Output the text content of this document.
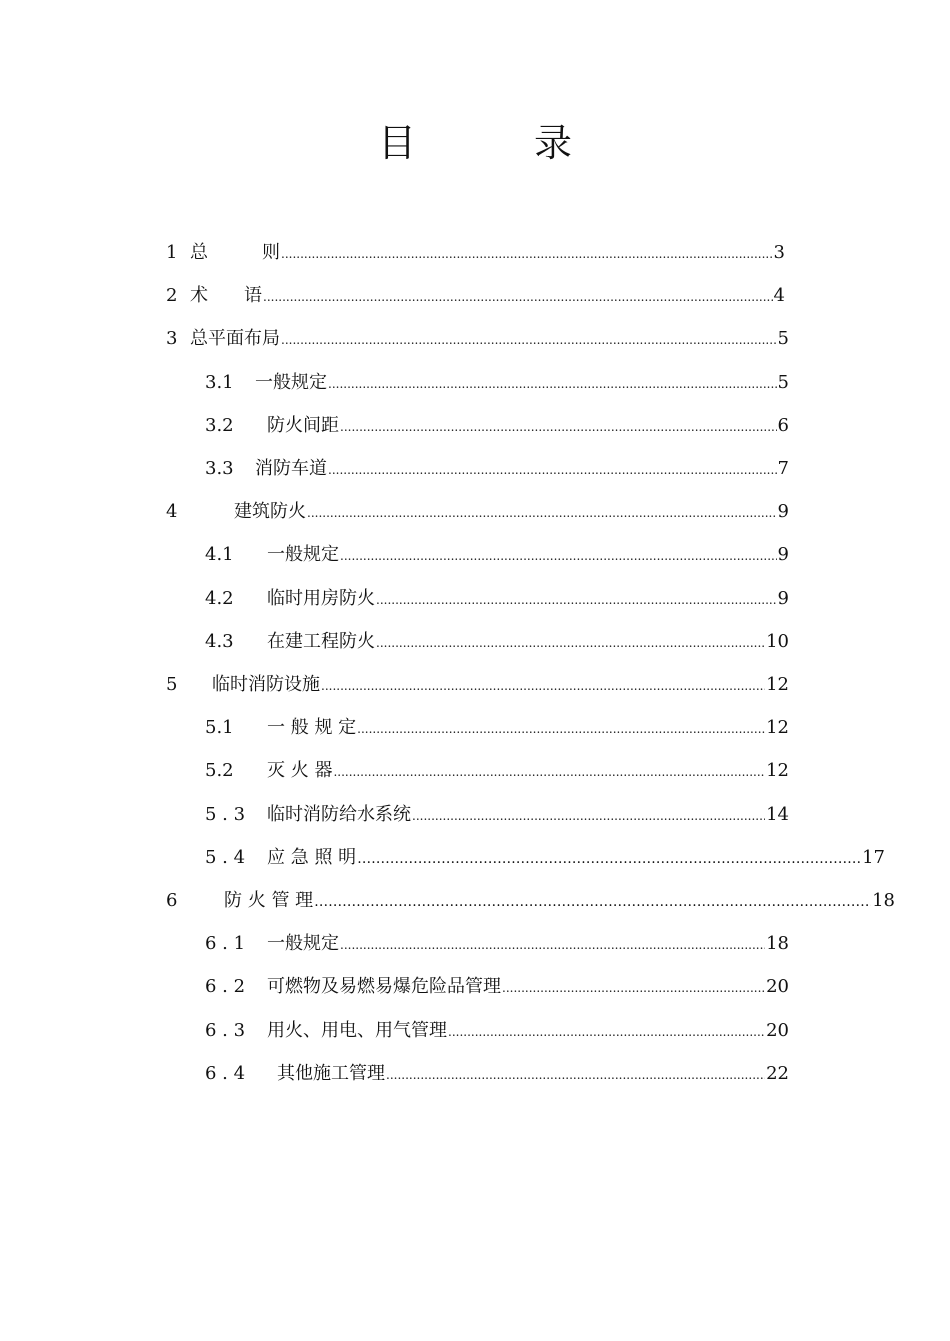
目　录
1 总　　　则 .....	3
2 术　　语 .....	4
3 总平面布局 .....	5
3.1	一般规定 .....	5
3.2	防火间距 .....	6
3.3	消防车道 .....	7
4	建筑防火 .....	9
4.1	一般规定 .....	9
4.2	临时用房防火 .....	9
4.3	在建工程防火 .....	10
5	临时消防设施 .....	12
5.1	一 般 规 定 .....	12
5.2	灭 火 器 .....	12
5 . 3	临时消防给水系统 .....	14
5 . 4	应 急 照 明 …………………………………………………………………………………………………………………………………………………………………………………………………	17
6	防 火 管 理 …………………………………………………………………………………………………………………………………………………………………………………………………	18
6 . 1	一般规定 .....	18
6 . 2	可燃物及易燃易爆危险品管理 .....	20
6 . 3	用火、用电、用气管理 .....	20
6 . 4	其他施工管理 .....	22
